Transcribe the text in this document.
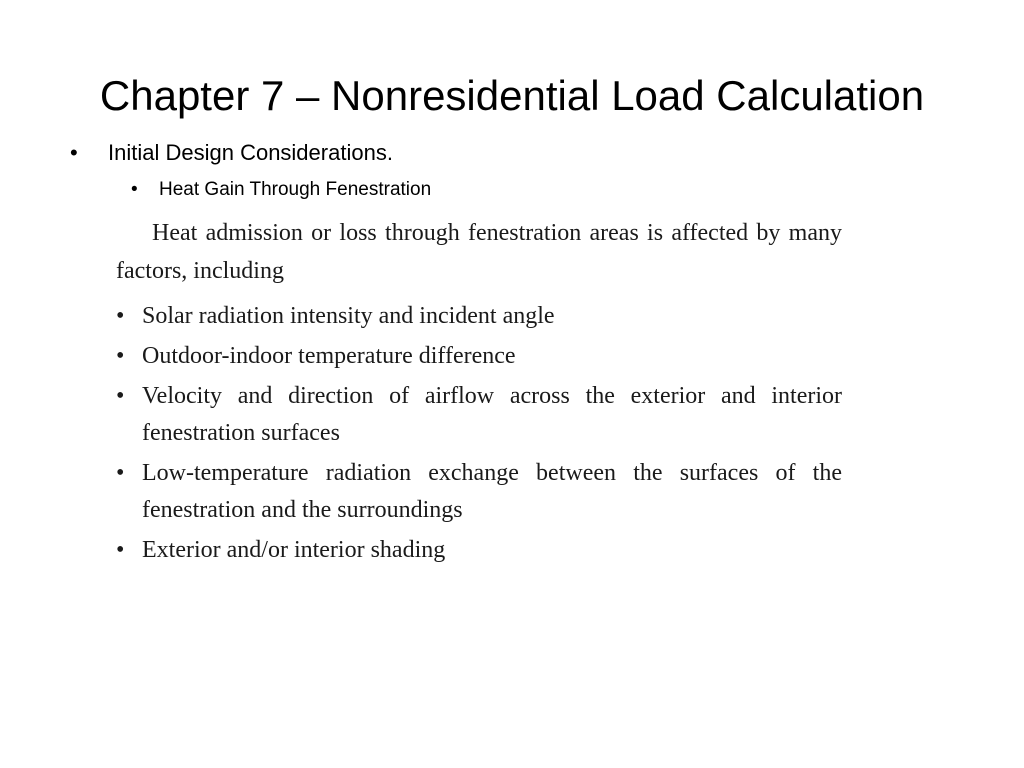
Chapter 7 – Nonresidential Load Calculation
•	Initial Design Considerations.
•	Heat Gain Through Fenestration

Heat admission or loss through fenestration areas is affected by many factors, including

• Solar radiation intensity and incident angle
• Outdoor-indoor temperature difference
• Velocity and direction of airflow across the exterior and interior fenestration surfaces
• Low-temperature radiation exchange between the surfaces of the fenestration and the surroundings
• Exterior and/or interior shading
